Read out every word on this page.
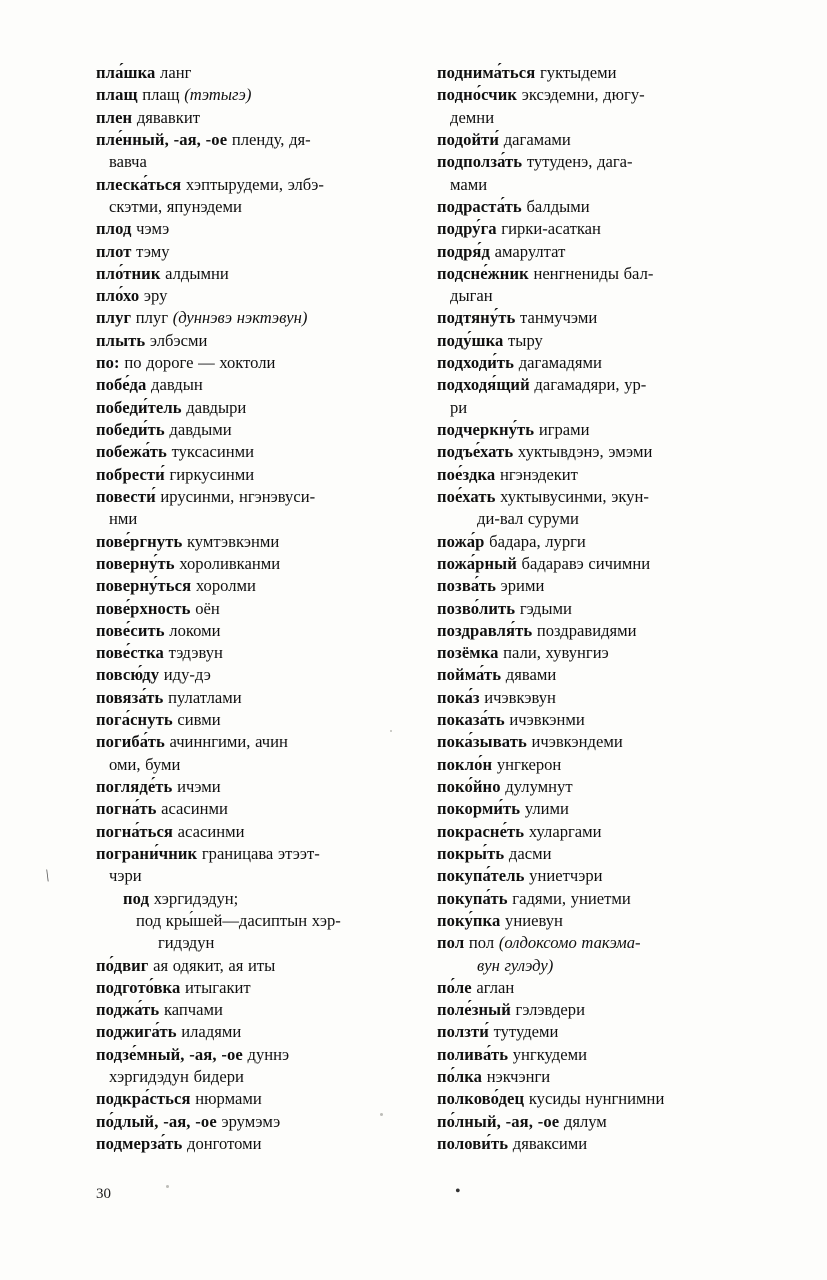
пла́шка ланг

плащ плащ (тэтыгэ)

плен дявавкит

пле́нный, -ая, -ое пленду, дя-

вавча

плеска́ться хэптырудеми, элбэ-

скэтми, япунэдеми

плод чэмэ

плот тэму

пло́тник алдымни

пло́хо эру

плуг плуг (дуннэвэ нэктэвун)

плыть элбэсми

по: по дороге — хоктоли

побе́да давдын

победи́тель давдыри

победи́ть давдыми

побежа́ть туксасинми

побрести́ гиркусинми

повести́ ирусинми, нгэнэвуси-

нми

пове́ргнуть кумтэвкэнми

поверну́ть хороливканми

поверну́ться хоролми

пове́рхность оён

пове́сить локоми

пове́стка тэдэвун

повсю́ду иду-дэ

повяза́ть пулатлами

пога́снуть сивми

погиба́ть ачиннгими, ачин

оми, буми

погляде́ть ичэми

погна́ть асасинми

погна́ться асасинми

пограни́чник границава этээт-

чэри

под хэргидэдун;

под кры́шей—дасиптын хэр-

гидэдун

по́двиг ая одякит, ая иты

подгото́вка итыгакит

поджа́ть капчами

поджига́ть иладями

подзе́мный, -ая, -ое дуннэ

хэргидэдун бидери

подкра́сться нюрмами

по́длый, -ая, -ое эрумэмэ

подмерза́ть донготоми

поднима́ться гуктыдеми

подно́счик эксэдемни, дюгу-

демни

подойти́ дагамами

подполза́ть тутуденэ, дага-

мами

подраста́ть балдыми

подру́га гирки-асаткан

подря́д амарултат

подсне́жник ненгнениды бал-

дыган

подтяну́ть танмучэми

поду́шка тыру

подходи́ть дагамадями

подходя́щий дагамадяри, ур-

ри

подчеркну́ть играми

подъе́хать хуктывдэнэ, эмэми

пое́здка нгэнэдекит

пое́хать хуктывусинми, экун-

ди-вал суруми

пожа́р бадара, лурги

пожа́рный бадаравэ сичимни

позва́ть эрими

позво́лить гэдыми

поздравля́ть поздравидями

позёмка пали, хувунгиэ

пойма́ть дявами

пока́з ичэвкэвун

показа́ть ичэвкэнми

пока́зывать ичэвкэндеми

покло́н унгкерон

поко́йно дулумнут

покорми́ть улими

покрасне́ть хуларгами

покры́ть дасми

покупа́тель униетчэри

покупа́ть гадями, униетми

поку́пка униевун

пол пол (олдоксомо такэма-

вун гулэду)

по́ле аглан

поле́зный гэлэвдери

ползти́ тутудеми

полива́ть унгкудеми

по́лка нэкчэнги

полково́дец кусиды нунгнимни

по́лный, -ая, -ое дялум

полови́ть дяваксими

30
\
•
